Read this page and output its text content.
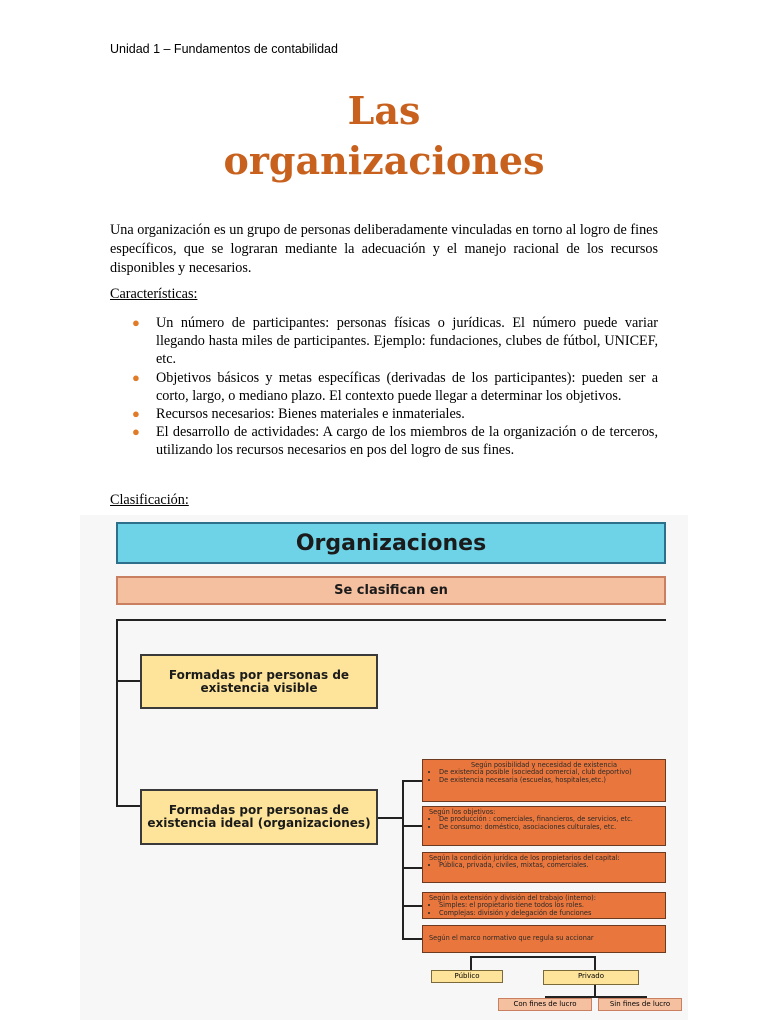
Unidad 1 – Fundamentos de contabilidad
Las
organizaciones
Una organización es un grupo de personas deliberadamente vinculadas en torno al logro de fines específicos, que se lograran mediante la adecuación y el manejo racional de los recursos disponibles y necesarios.
Características:
● Un número de participantes: personas físicas o jurídicas. El número puede variar llegando hasta miles de participantes. Ejemplo: fundaciones, clubes de fútbol, UNICEF, etc.
● Objetivos básicos y metas específicas (derivadas de los participantes): pueden ser a corto, largo, o mediano plazo. El contexto puede llegar a determinar los objetivos.
● Recursos necesarios: Bienes materiales e inmateriales.
● El desarrollo de actividades: A cargo de los miembros de la organización o de terceros, utilizando los recursos necesarios en pos del logro de sus fines.
Clasificación:
Organizaciones
Se clasifican en
Formadas por personas de existencia visible
Formadas por personas de existencia ideal (organizaciones)
Según posibilidad y necesidad de existencia
• De existencia posible (sociedad comercial, club deportivo)
• De existencia necesaria (escuelas, hospitales,etc.)
Según los objetivos:
• De producción : comerciales, financieros, de servicios, etc.
• De consumo: doméstico, asociaciones culturales, etc.
Según la condición jurídica de los propietarios del capital:
• Pública, privada, civiles, mixtas, comerciales.
Según la extensión y división del trabajo (interno):
• Simples: el propietario tiene todos los roles.
• Complejas: división y delegación de funciones
Según el marco normativo que regula su accionar
Público	Privado
Con fines de lucro	Sin fines de lucro
